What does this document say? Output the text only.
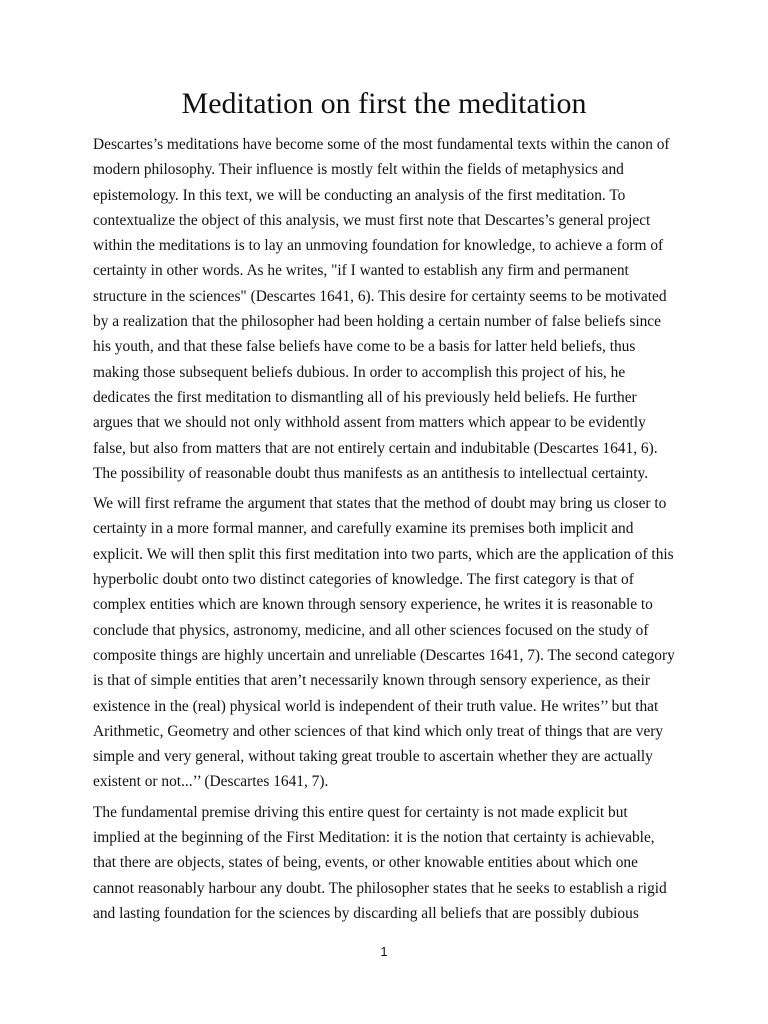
Meditation on first the meditation

Descartes’s meditations have become some of the most fundamental texts within the canon of modern philosophy. Their influence is mostly felt within the fields of metaphysics and epistemology. In this text, we will be conducting an analysis of the first meditation. To contextualize the object of this analysis, we must first note that Descartes’s general project within the meditations is to lay an unmoving foundation for knowledge, to achieve a form of certainty in other words. As he writes, "if I wanted to establish any firm and permanent structure in the sciences" (Descartes 1641, 6). This desire for certainty seems to be motivated by a realization that the philosopher had been holding a certain number of false beliefs since his youth, and that these false beliefs have come to be a basis for latter held beliefs, thus making those subsequent beliefs dubious. In order to accomplish this project of his, he dedicates the first meditation to dismantling all of his previously held beliefs. He further argues that we should not only withhold assent from matters which appear to be evidently false, but also from matters that are not entirely certain and indubitable (Descartes 1641, 6). The possibility of reasonable doubt thus manifests as an antithesis to intellectual certainty.

We will first reframe the argument that states that the method of doubt may bring us closer to certainty in a more formal manner, and carefully examine its premises both implicit and explicit. We will then split this first meditation into two parts, which are the application of this hyperbolic doubt onto two distinct categories of knowledge. The first category is that of complex entities which are known through sensory experience, he writes it is reasonable to conclude that physics, astronomy, medicine, and all other sciences focused on the study of composite things are highly uncertain and unreliable (Descartes 1641, 7). The second category is that of simple entities that aren’t necessarily known through sensory experience, as their existence in the (real) physical world is independent of their truth value. He writes’’ but that Arithmetic, Geometry and other sciences of that kind which only treat of things that are very simple and very general, without taking great trouble to ascertain whether they are actually existent or not...’’ (Descartes 1641, 7).

The fundamental premise driving this entire quest for certainty is not made explicit but implied at the beginning of the First Meditation: it is the notion that certainty is achievable, that there are objects, states of being, events, or other knowable entities about which one cannot reasonably harbour any doubt. The philosopher states that he seeks to establish a rigid and lasting foundation for the sciences by discarding all beliefs that are possibly dubious

1
